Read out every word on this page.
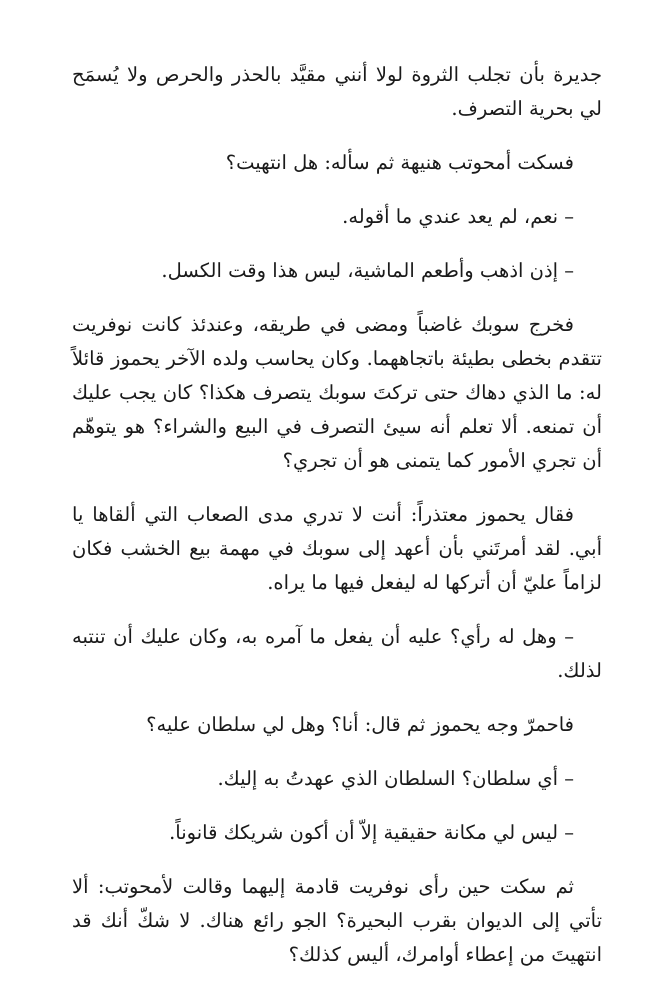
جديرة بأن تجلب الثروة لولا أنني مقيَّد بالحذر والحرص ولا يُسمَح لي بحرية التصرف.

فسكت أمحوتب هنيهة ثم سأله: هل انتهيت؟

– نعم، لم يعد عندي ما أقوله.

– إذن اذهب وأطعم الماشية، ليس هذا وقت الكسل.

فخرج سوبك غاضباً ومضى في طريقه، وعندئذ كانت نوفريت تتقدم بخطى بطيئة باتجاههما. وكان يحاسب ولده الآخر يحموز قائلاً له: ما الذي دهاك حتى تركتَ سوبك يتصرف هكذا؟ كان يجب عليك أن تمنعه. ألا تعلم أنه سيئ التصرف في البيع والشراء؟ هو يتوهّم أن تجري الأمور كما يتمنى هو أن تجري؟

فقال يحموز معتذراً: أنت لا تدري مدى الصعاب التي ألقاها يا أبي. لقد أمرتَني بأن أعهد إلى سوبك في مهمة بيع الخشب فكان لزاماً عليّ أن أتركها له ليفعل فيها ما يراه.

– وهل له رأي؟ عليه أن يفعل ما آمره به، وكان عليك أن تنتبه لذلك.

فاحمرّ وجه يحموز ثم قال: أنا؟ وهل لي سلطان عليه؟

– أي سلطان؟ السلطان الذي عهدتُ به إليك.

– ليس لي مكانة حقيقية إلاّ أن أكون شريكك قانوناً.

ثم سكت حين رأى نوفريت قادمة إليهما وقالت لأمحوتب: ألا تأتي إلى الديوان بقرب البحيرة؟ الجو رائع هناك. لا شكّ أنك قد انتهيتَ من إعطاء أوامرك، أليس كذلك؟
